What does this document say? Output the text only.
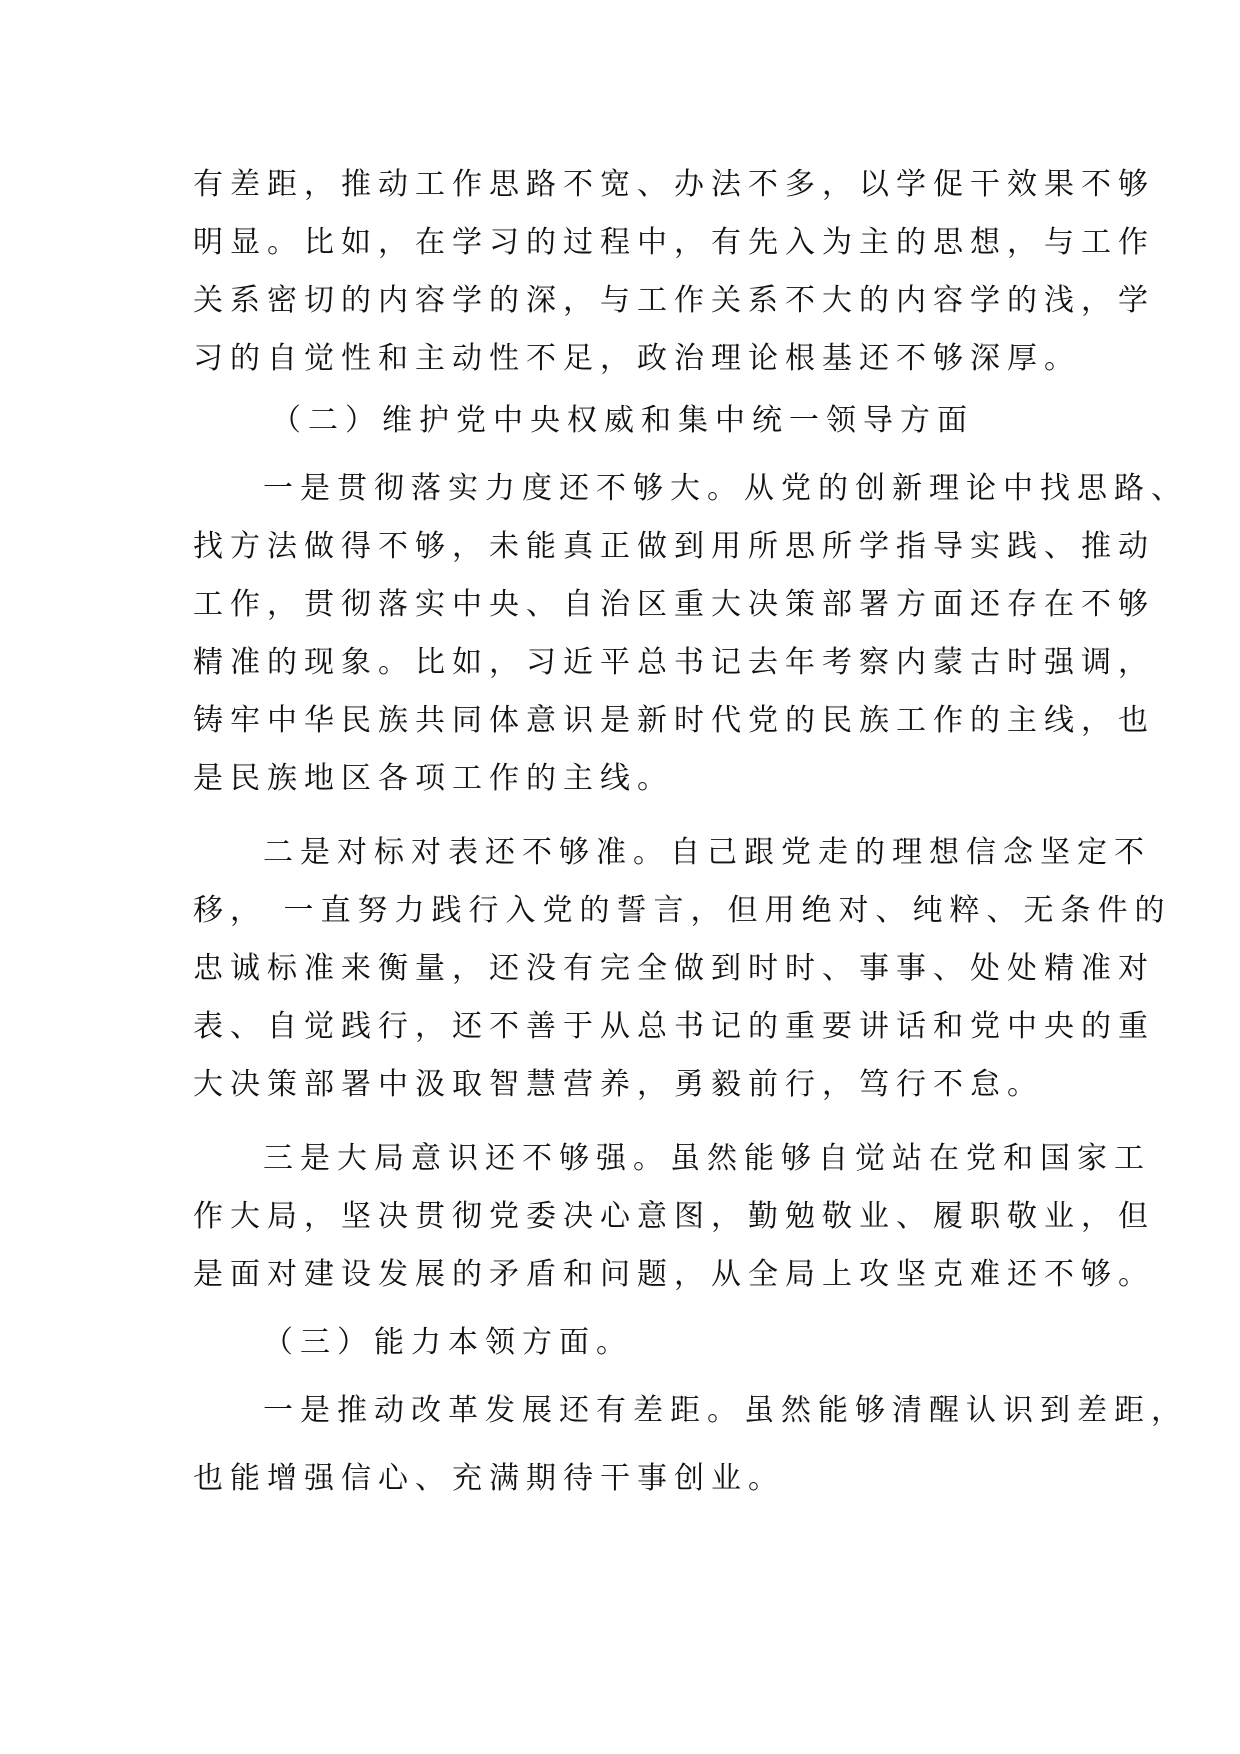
有差距，推动工作思路不宽、办法不多，以学促干效果不够
明显。比如，在学习的过程中，有先入为主的思想，与工作
关系密切的内容学的深，与工作关系不大的内容学的浅，学
习的自觉性和主动性不足，政治理论根基还不够深厚。
（二）维护党中央权威和集中统一领导方面
一是贯彻落实力度还不够大。从党的创新理论中找思路、
找方法做得不够，未能真正做到用所思所学指导实践、推动
工作，贯彻落实中央、自治区重大决策部署方面还存在不够
精准的现象。比如，习近平总书记去年考察内蒙古时强调，
铸牢中华民族共同体意识是新时代党的民族工作的主线，也
是民族地区各项工作的主线。
二是对标对表还不够准。自己跟党走的理想信念坚定不
移， 一直努力践行入党的誓言，但用绝对、纯粹、无条件的
忠诚标准来衡量，还没有完全做到时时、事事、处处精准对
表、自觉践行，还不善于从总书记的重要讲话和党中央的重
大决策部署中汲取智慧营养，勇毅前行，笃行不怠。
三是大局意识还不够强。虽然能够自觉站在党和国家工
作大局，坚决贯彻党委决心意图，勤勉敬业、履职敬业，但
是面对建设发展的矛盾和问题，从全局上攻坚克难还不够。
（三）能力本领方面。
一是推动改革发展还有差距。虽然能够清醒认识到差距，
也能增强信心、充满期待干事创业。
